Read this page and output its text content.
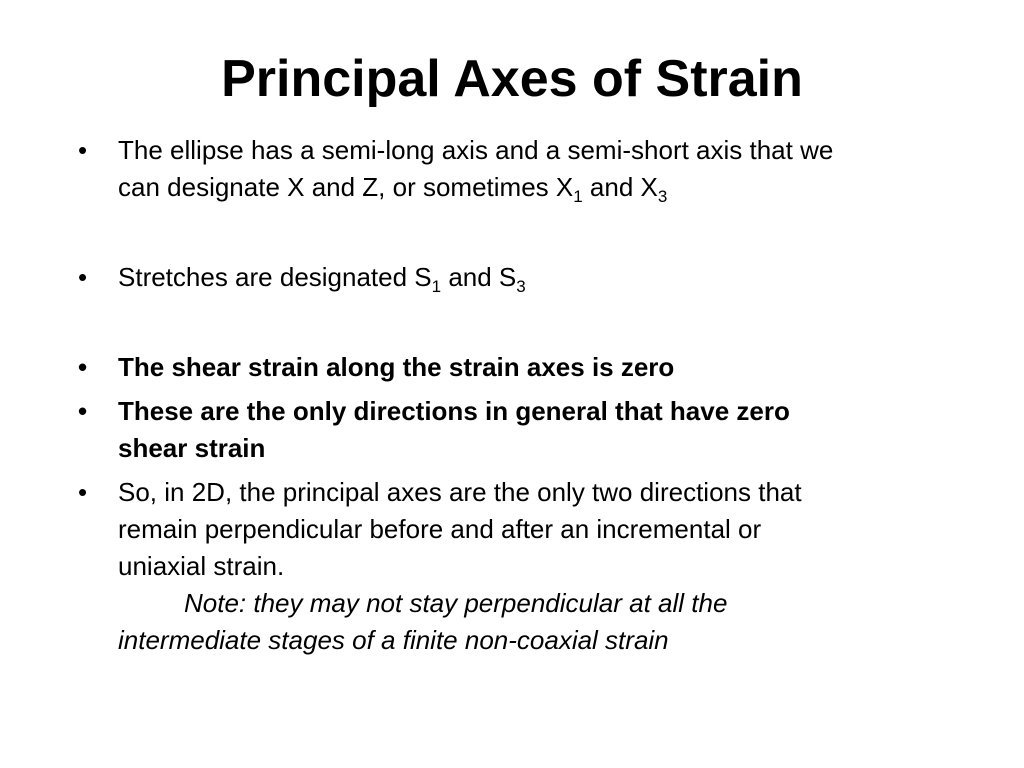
Principal Axes of Strain
•	The ellipse has a semi-long axis and a semi-short axis that we
can designate X and Z, or sometimes $X_1$ and $X_3$
•	Stretches are designated $S_1$ and $S_3$
•	The shear strain along the strain axes is zero
•	These are the only directions in general that have zero
shear strain
•	So, in 2D, the principal axes are the only two directions that
remain perpendicular before and after an incremental or
uniaxial strain.
Note: they may not stay perpendicular at all the
intermediate stages of a finite non-coaxial strain
